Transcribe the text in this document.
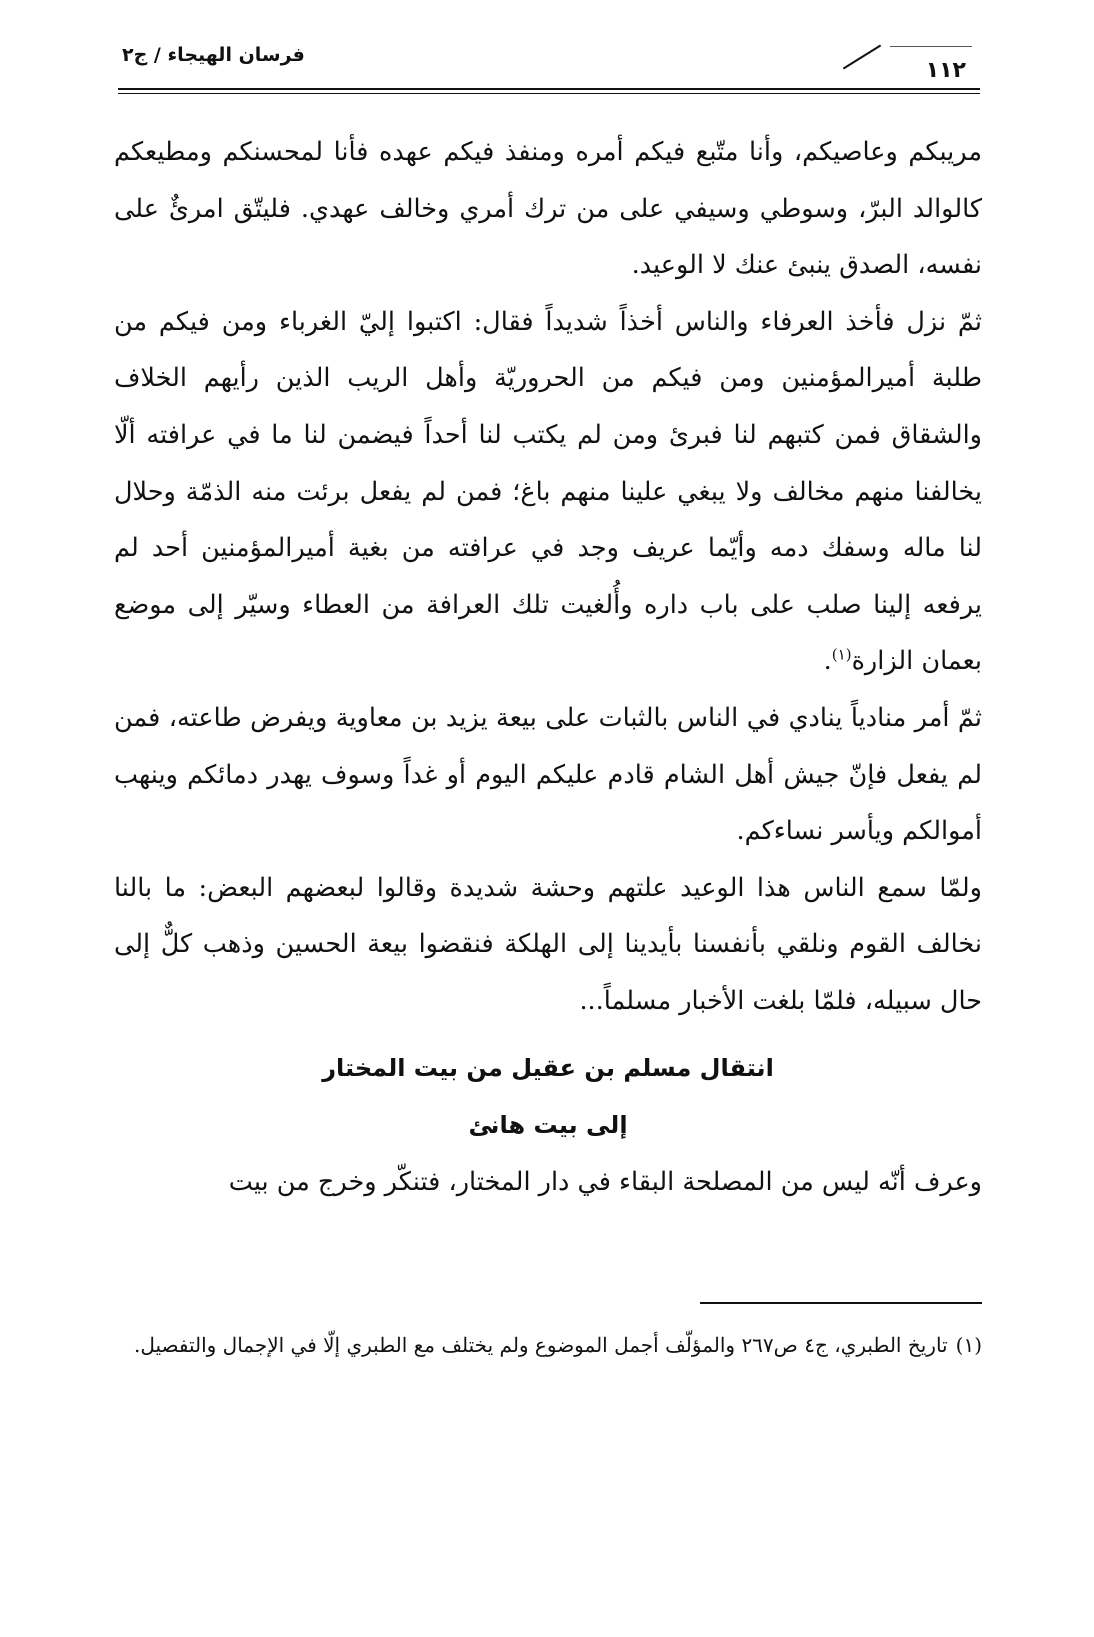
١١٢
فرسان الهيجاء / ج٢

مريبكم وعاصيكم، وأنا متّبع فيكم أمره ومنفذ فيكم عهده فأنا لمحسنكم ومطيعكم كالوالد البرّ، وسوطي وسيفي على من ترك أمري وخالف عهدي. فليتّق امرئٌ على نفسه، الصدق ينبئ عنك لا الوعيد.

ثمّ نزل فأخذ العرفاء والناس أخذاً شديداً فقال: اكتبوا إليّ الغرباء ومن فيكم من طلبة أميرالمؤمنين ومن فيكم من الحروريّة وأهل الريب الذين رأيهم الخلاف والشقاق فمن كتبهم لنا فبرئ ومن لم يكتب لنا أحداً فيضمن لنا ما في عرافته ألّا يخالفنا منهم مخالف ولا يبغي علينا منهم باغ؛ فمن لم يفعل برئت منه الذمّة وحلال لنا ماله وسفك دمه وأيّما عريف وجد في عرافته من بغية أميرالمؤمنين أحد لم يرفعه إلينا صلب على باب داره وأُلغيت تلك العرافة من العطاء وسيّر إلى موضع بعمان الزارة$^{(١)}$.

ثمّ أمر منادياً ينادي في الناس بالثبات على بيعة يزيد بن معاوية ويفرض طاعته، فمن لم يفعل فإنّ جيش أهل الشام قادم عليكم اليوم أو غداً وسوف يهدر دمائكم وينهب أموالكم ويأسر نساءكم.

ولمّا سمع الناس هذا الوعيد علتهم وحشة شديدة وقالوا لبعضهم البعض: ما بالنا نخالف القوم ونلقي بأنفسنا بأيدينا إلى الهلكة فنقضوا بيعة الحسين وذهب كلٌّ إلى حال سبيله، فلمّا بلغت الأخبار مسلماً...

انتقال مسلم بن عقيل من بيت المختار

إلى بيت هانئ

وعرف أنّه ليس من المصلحة البقاء في دار المختار، فتنكّر وخرج من بيت

(١)تاريخ الطبري، ج٤ ص٢٦٧ والمؤلّف أجمل الموضوع ولم يختلف مع الطبري إلّا في الإجمال والتفصيل.
